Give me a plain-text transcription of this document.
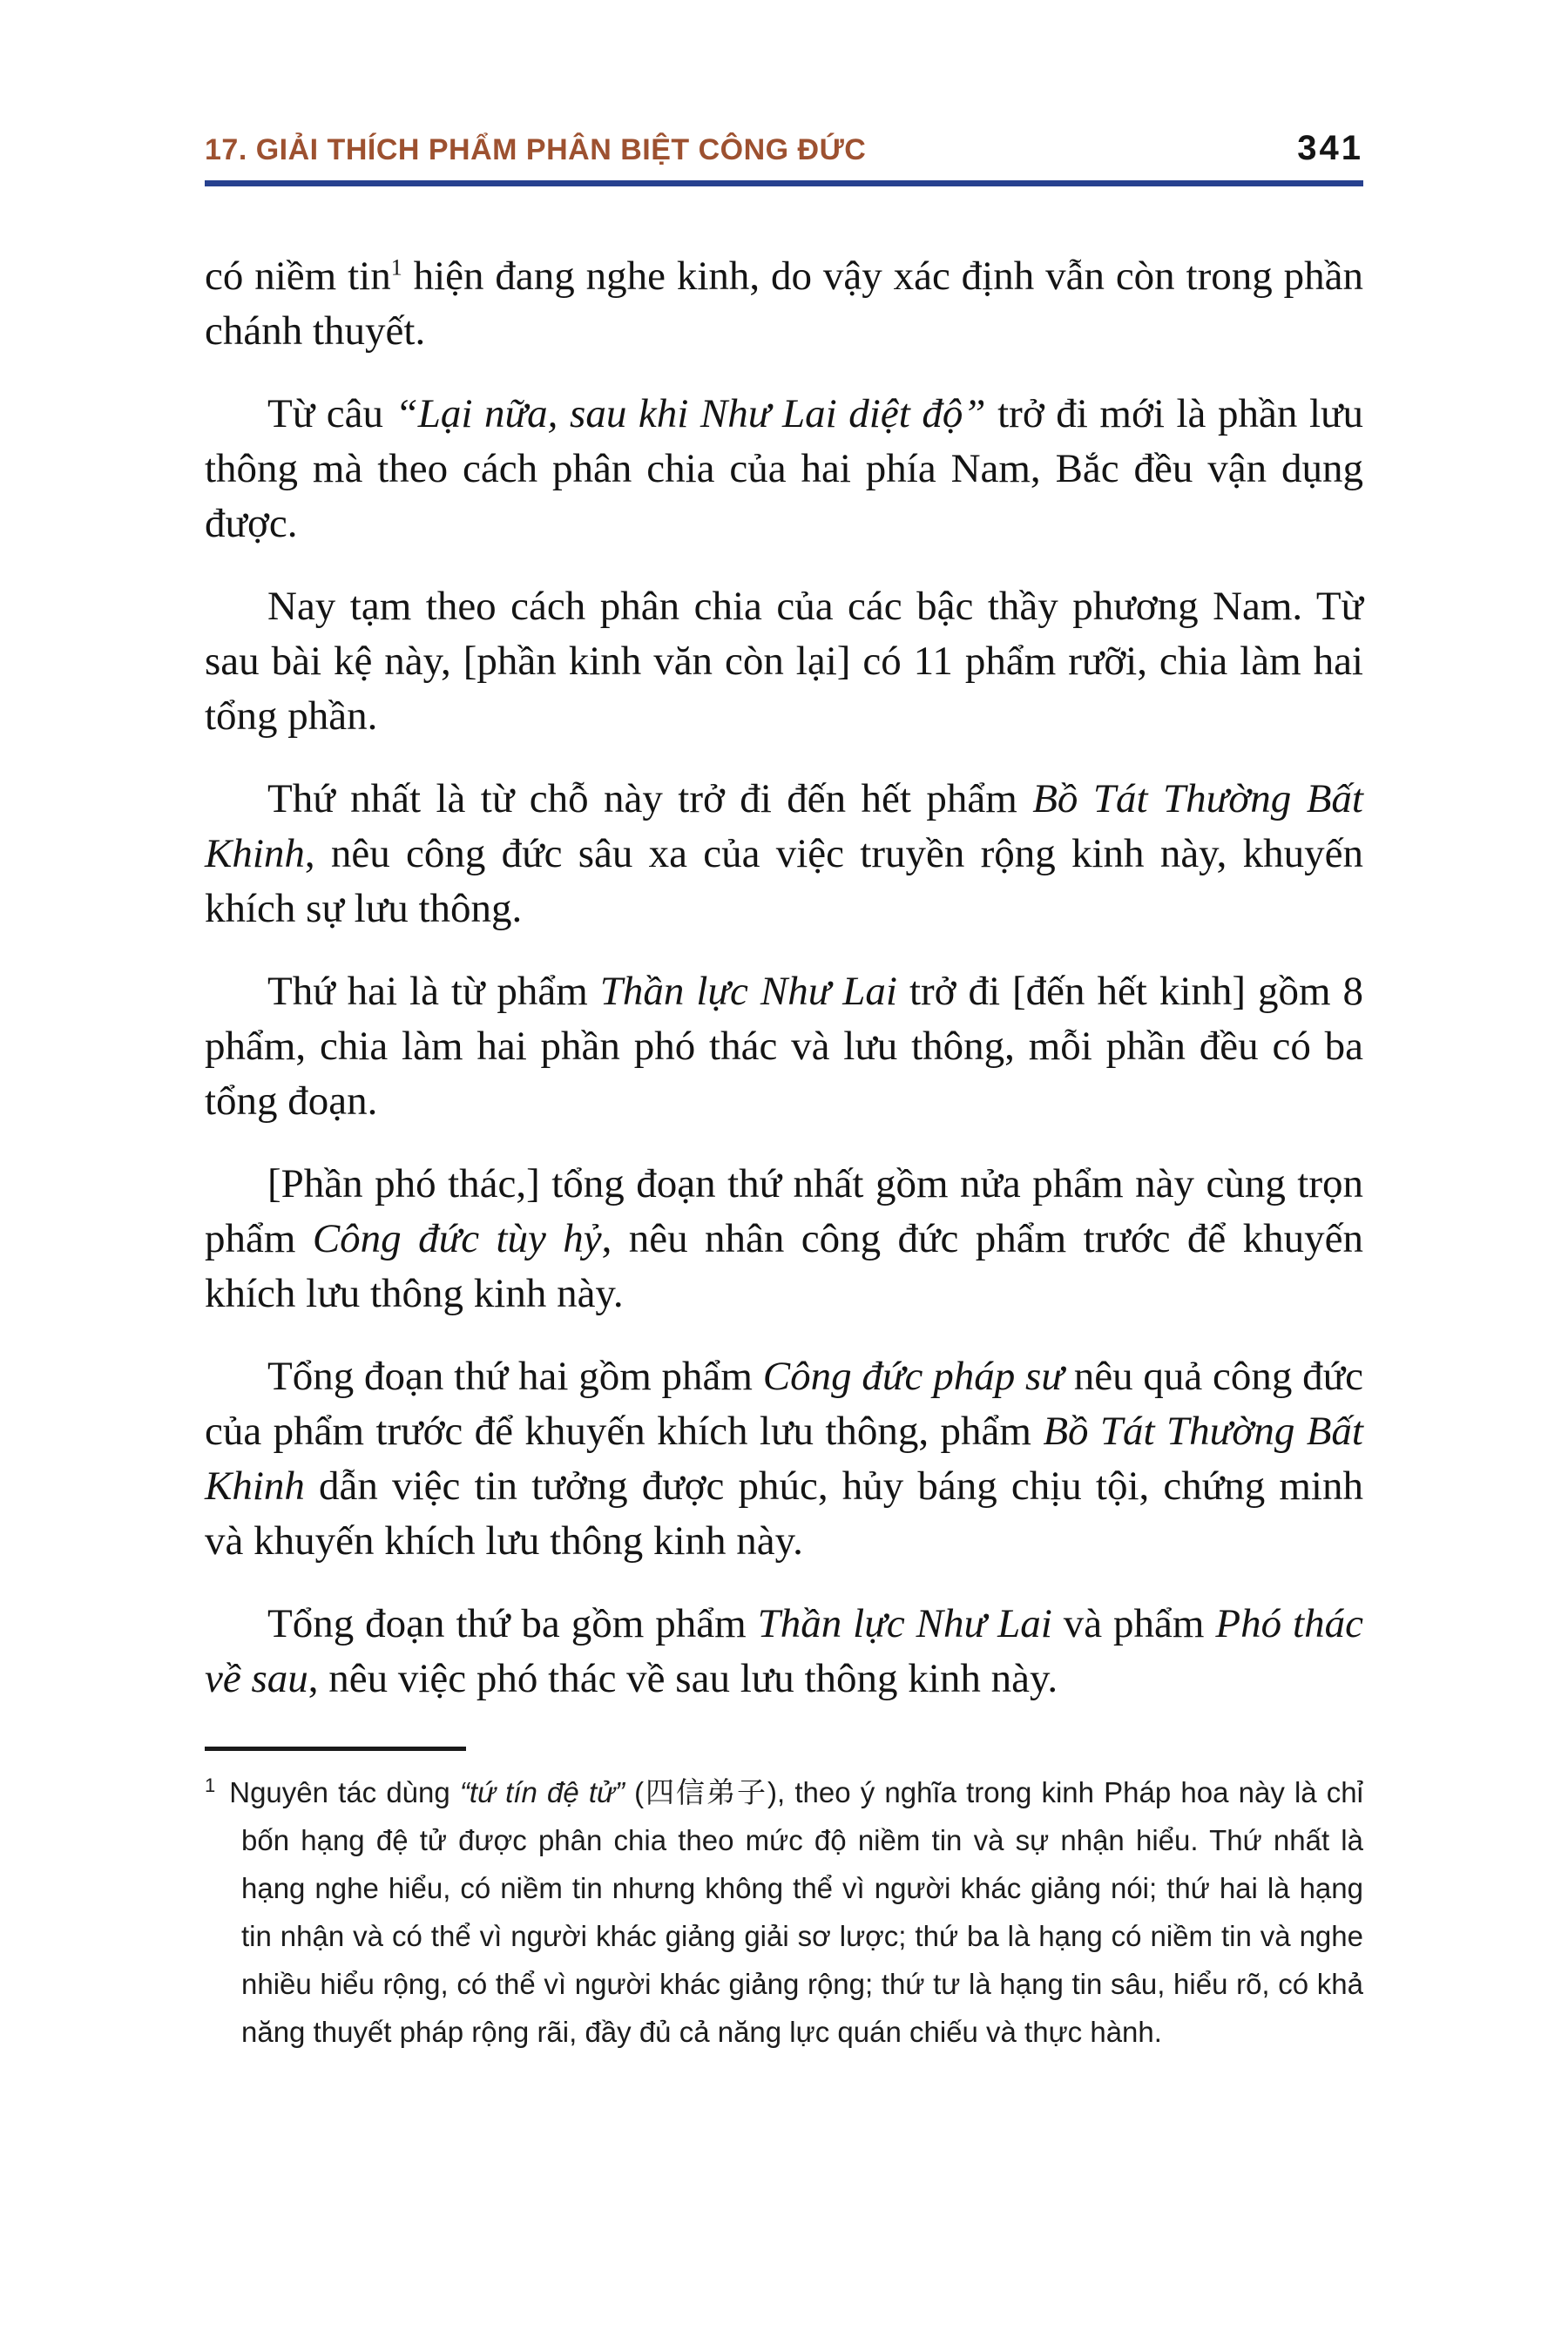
17. GIẢI THÍCH PHẨM PHÂN BIỆT CÔNG ĐỨC	341

có niềm tin$^1$ hiện đang nghe kinh, do vậy xác định vẫn còn trong phần chánh thuyết.

Từ câu “Lại nữa, sau khi Như Lai diệt độ” trở đi mới là phần lưu thông mà theo cách phân chia của hai phía Nam, Bắc đều vận dụng được.

Nay tạm theo cách phân chia của các bậc thầy phương Nam. Từ sau bài kệ này, [phần kinh văn còn lại] có 11 phẩm rưỡi, chia làm hai tổng phần.

Thứ nhất là từ chỗ này trở đi đến hết phẩm Bồ Tát Thường Bất Khinh, nêu công đức sâu xa của việc truyền rộng kinh này, khuyến khích sự lưu thông.

Thứ hai là từ phẩm Thần lực Như Lai trở đi [đến hết kinh] gồm 8 phẩm, chia làm hai phần phó thác và lưu thông, mỗi phần đều có ba tổng đoạn.

[Phần phó thác,] tổng đoạn thứ nhất gồm nửa phẩm này cùng trọn phẩm Công đức tùy hỷ, nêu nhân công đức phẩm trước để khuyến khích lưu thông kinh này.

Tổng đoạn thứ hai gồm phẩm Công đức pháp sư nêu quả công đức của phẩm trước để khuyến khích lưu thông, phẩm Bồ Tát Thường Bất Khinh dẫn việc tin tưởng được phúc, hủy báng chịu tội, chứng minh và khuyến khích lưu thông kinh này.

Tổng đoạn thứ ba gồm phẩm Thần lực Như Lai và phẩm Phó thác về sau, nêu việc phó thác về sau lưu thông kinh này.

$^1$ Nguyên tác dùng “tứ tín đệ tử” (四信弟子), theo ý nghĩa trong kinh Pháp hoa này là chỉ bốn hạng đệ tử được phân chia theo mức độ niềm tin và sự nhận hiểu. Thứ nhất là hạng nghe hiểu, có niềm tin nhưng không thể vì người khác giảng nói; thứ hai là hạng tin nhận và có thể vì người khác giảng giải sơ lược; thứ ba là hạng có niềm tin và nghe nhiều hiểu rộng, có thể vì người khác giảng rộng; thứ tư là hạng tin sâu, hiểu rõ, có khả năng thuyết pháp rộng rãi, đầy đủ cả năng lực quán chiếu và thực hành.
